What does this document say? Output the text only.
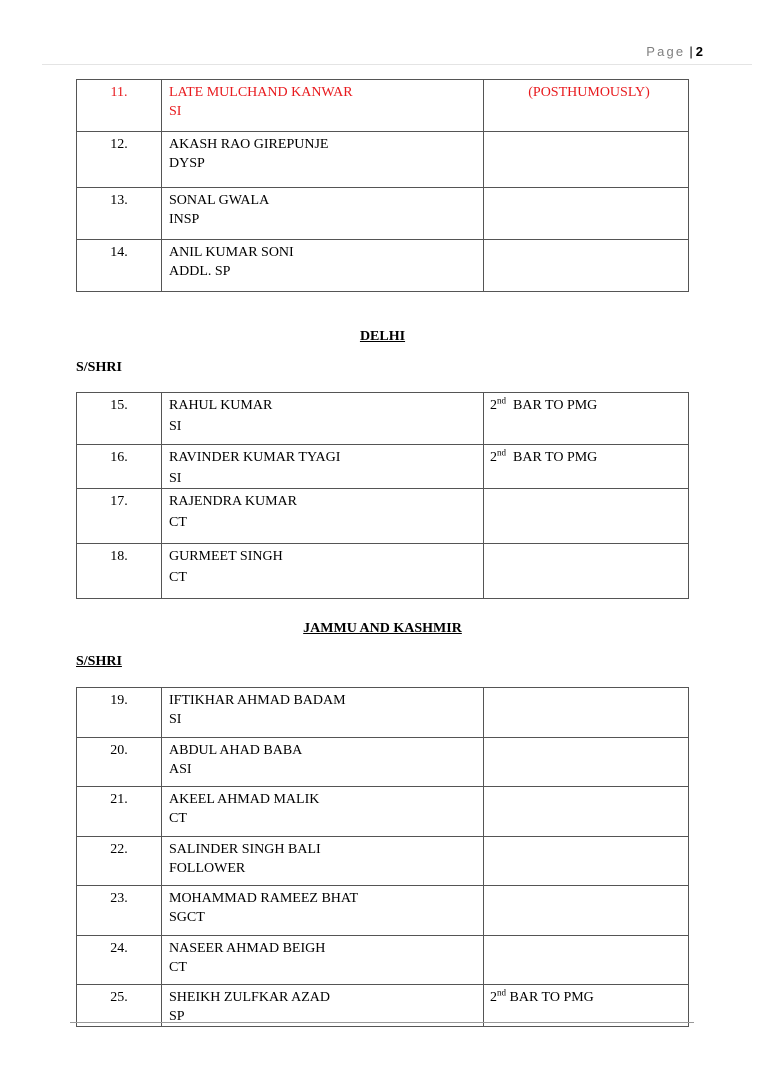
Page | 2
11.	LATE MULCHAND KANWAR
SI	(POSTHUMOUSLY)
12.	AKASH RAO GIREPUNJE
DYSP	

13.	SONAL GWALA
INSP	

14.	ANIL KUMAR SONI
ADDL. SP	

DELHI
S/SHRI
15.	RAHUL KUMAR
SI	2nd BAR TO PMG
16.	RAVINDER KUMAR TYAGI
SI	2nd BAR TO PMG
17.	RAJENDRA KUMAR
CT	

18.	GURMEET SINGH
CT	

JAMMU AND KASHMIR
S/SHRI
19.	IFTIKHAR AHMAD BADAM
SI	

20.	ABDUL AHAD BABA
ASI	

21.	AKEEL AHMAD MALIK
CT	

22.	SALINDER SINGH BALI
FOLLOWER	

23.	MOHAMMAD RAMEEZ BHAT
SGCT	

24.	NASEER AHMAD BEIGH
CT	

25.	SHEIKH ZULFKAR AZAD
SP	2nd BAR TO PMG
